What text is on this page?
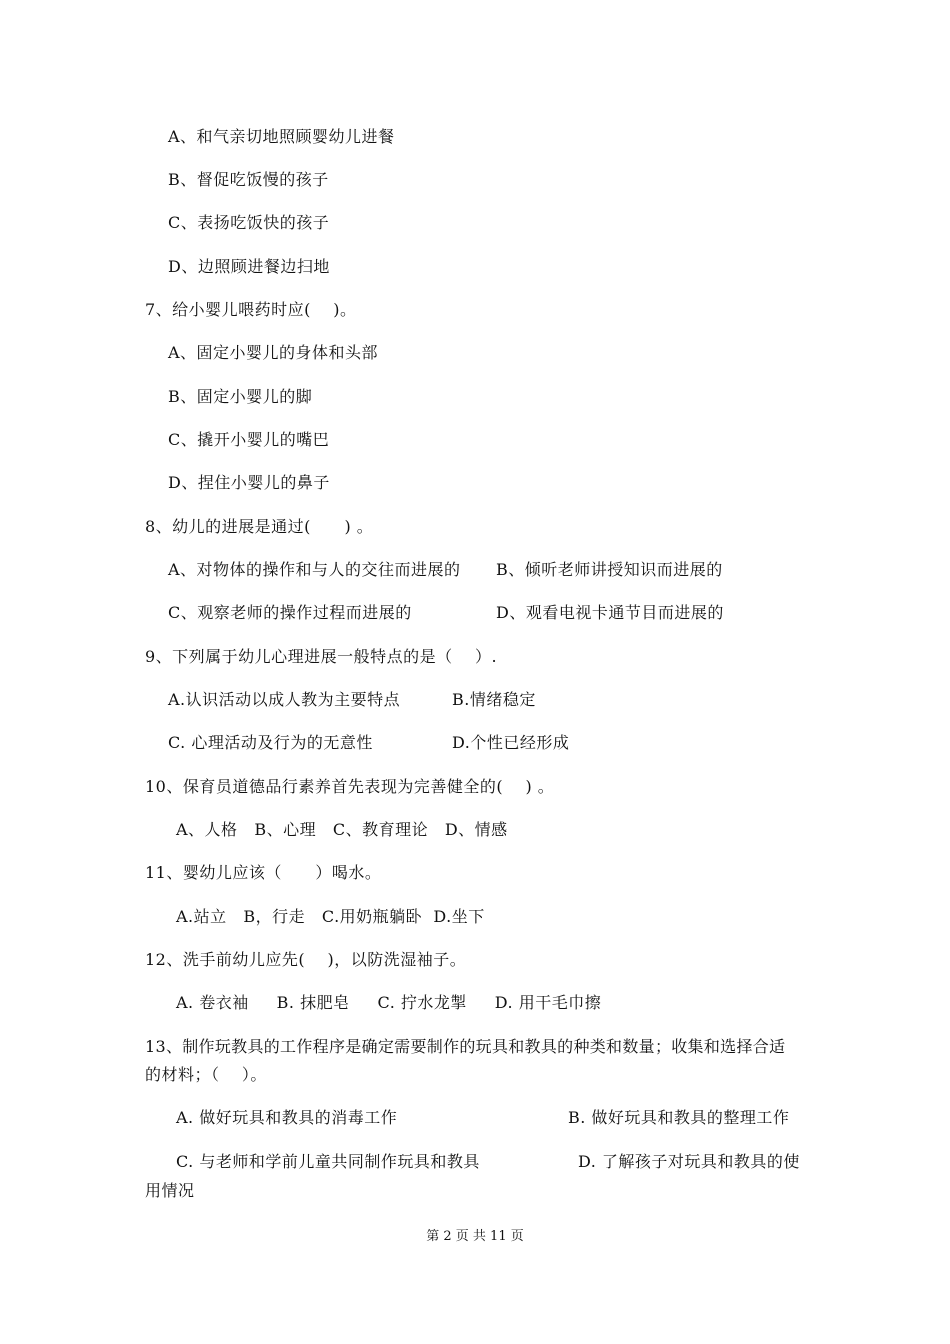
A、和气亲切地照顾婴幼儿进餐
B、督促吃饭慢的孩子
C、表扬吃饭快的孩子
D、边照顾进餐边扫地
7、给小婴儿喂药时应(    )。
A、固定小婴儿的身体和头部
B、固定小婴儿的脚
C、撬开小婴儿的嘴巴
D、捏住小婴儿的鼻子
8、幼儿的进展是通过(      ) 。
A、对物体的操作和与人的交往而进展的 B、倾听老师讲授知识而进展的
C、观察老师的操作过程而进展的	D、观看电视卡通节目而进展的
9、下列属于幼儿心理进展一般特点的是（    ）.
A.认识活动以成人教为主要特点	B.情绪稳定
C. 心理活动及行为的无意性	D.个性已经形成
10、保育员道德品行素养首先表现为完善健全的(    ) 。
A、人格   B、心理   C、教育理论   D、情感
11、婴幼儿应该（      ）喝水。
A.站立   B，行走   C.用奶瓶躺卧  D.坐下
12、洗手前幼儿应先(    )，以防洗湿袖子。
A. 卷衣袖     B. 抹肥皂     C. 拧水龙掣     D. 用干毛巾擦
13、制作玩教具的工作程序是确定需要制作的玩具和教具的种类和数量；收集和选择合适
的材料；（    ）。
A. 做好玩具和教具的消毒工作	B. 做好玩具和教具的整理工作
C. 与老师和学前儿童共同制作玩具和教具	D. 了解孩子对玩具和教具的使
用情况
第 2 页 共 11 页
